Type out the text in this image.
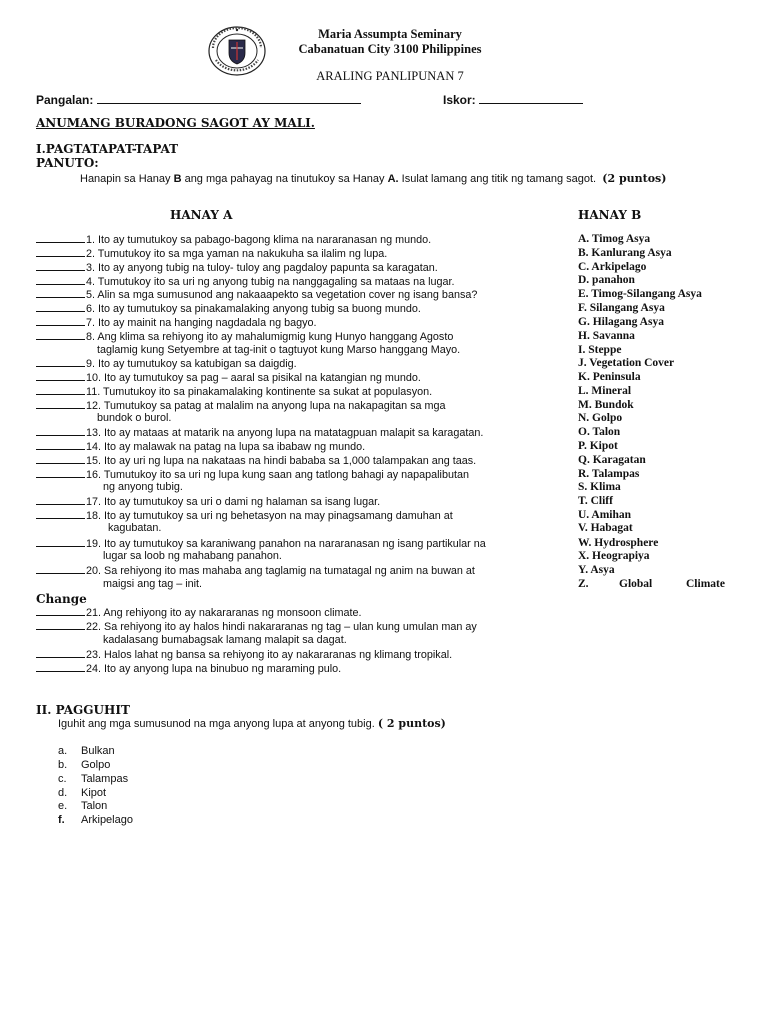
Maria Assumpta Seminary
Cabanatuan City 3100 Philippines
ARALING PANLIPUNAN 7
Pangalan:	Iskor:
ANUMANG BURADONG SAGOT AY MALI.
I.PAGTATAPAT-TAPAT
PANUTO:
Hanapin sa Hanay B ang mga pahayag na tinutukoy sa Hanay A. Isulat lamang ang titik ng tamang sagot. (2 puntos)
HANAY A	HANAY B
1. Ito ay tumutukoy sa pabago-bagong klima na nararanasan ng mundo.
2. Tumutukoy ito sa mga yaman na nakukuha sa ilalim ng lupa.
3. Ito ay anyong tubig na tuloy- tuloy ang pagdaloy papunta sa karagatan.
4. Tumutukoy ito sa uri ng anyong tubig na nanggagaling sa mataas na lugar.
5. Alin sa mga sumusunod ang nakaaapekto sa vegetation cover ng isang bansa?
6. Ito ay tumutukoy sa pinakamalaking anyong tubig sa buong mundo.
7. Ito ay mainit na hanging nagdadala ng bagyo.
8. Ang klima sa rehiyong ito ay mahalumigmig kung Hunyo hanggang Agosto
taglamig kung Setyembre at tag-init o tagtuyot kung Marso hanggang Mayo.
9. Ito ay tumutukoy sa katubigan sa daigdig.
10. Ito ay tumutukoy sa pag – aaral sa pisikal na katangian ng mundo.
11. Tumutukoy ito sa pinakamalaking kontinente sa sukat at populasyon.
12. Tumutukoy sa patag at malalim na anyong lupa na nakapagitan sa mga
bundok o burol.
13. Ito ay mataas at matarik na anyong lupa na matatagpuan malapit sa karagatan.
14. Ito ay malawak na patag na lupa sa ibabaw ng mundo.
15. Ito ay uri ng lupa na nakataas na hindi bababa sa 1,000 talampakan ang taas.
16. Tumutukoy ito sa uri ng lupa kung saan ang tatlong bahagi ay napapalibutan
ng anyong tubig.
17. Ito ay tumutukoy sa uri o dami ng halaman sa isang lugar.
18. Ito ay tumutukoy sa uri ng behetasyon na may pinagsamang damuhan at
kagubatan.
19. Ito ay tumutukoy sa karaniwang panahon na nararanasan ng isang partikular na
lugar sa loob ng mahabang panahon.
20. Sa rehiyong ito mas mahaba ang taglamig na tumatagal ng anim na buwan at
maigsi ang tag – init.
Change
21. Ang rehiyong ito ay nakararanas ng monsoon climate.
22. Sa rehiyong ito ay halos hindi nakararanas ng tag – ulan kung umulan man ay
kadalasang bumabagsak lamang malapit sa dagat.
23. Halos lahat ng bansa sa rehiyong ito ay nakararanas ng klimang tropikal.
24. Ito ay anyong lupa na binubuo ng maraming pulo.
A. Timog Asya
B. Kanlurang Asya
C. Arkipelago
D. panahon
E. Timog-Silangang Asya
F. Silangang Asya
G. Hilagang Asya
H. Savanna
I. Steppe
J. Vegetation Cover
K. Peninsula
L. Mineral
M. Bundok
N. Golpo
O. Talon
P. Kipot
Q. Karagatan
R. Talampas
S. Klima
T. Cliff
U. Amihan
V. Habagat
W. Hydrosphere
X. Heograpiya
Y. Asya
Z.	Global	Climate
II. PAGGUHIT
Iguhit ang mga sumusunod na mga anyong lupa at anyong tubig. ( 2 puntos)
a. Bulkan
b. Golpo
c. Talampas
d. Kipot
e. Talon
f. Arkipelago
